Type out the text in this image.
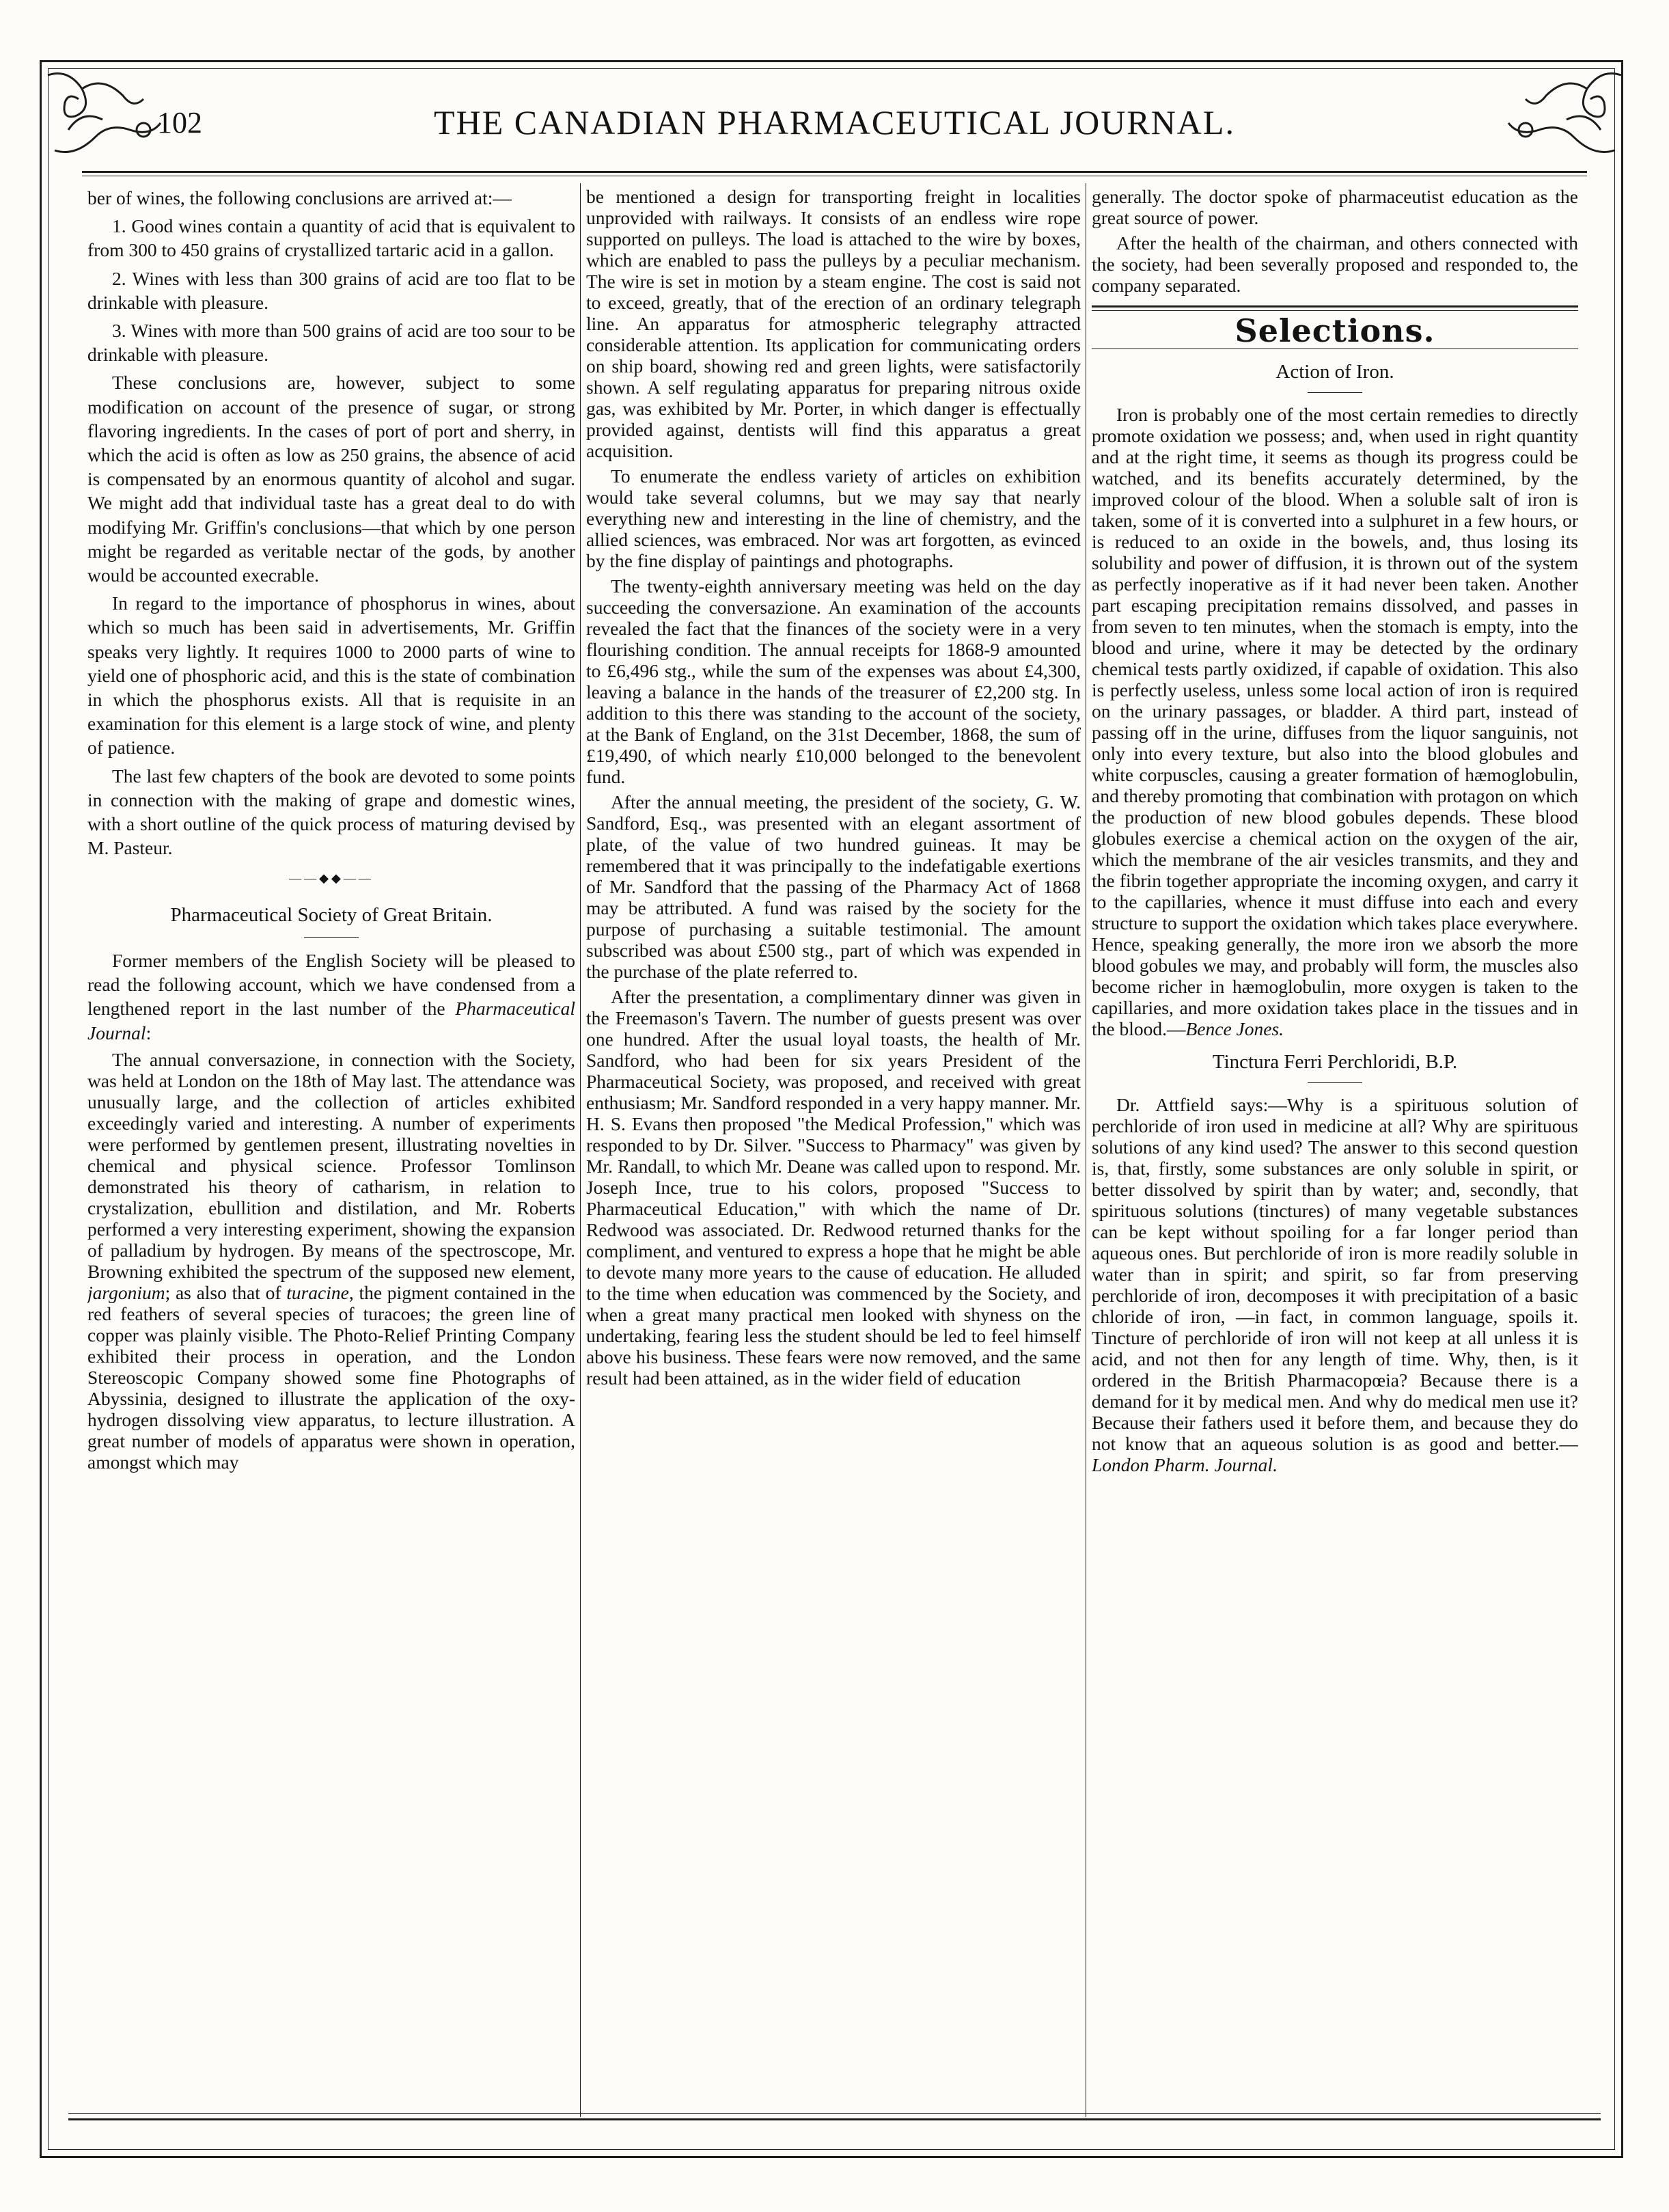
102	THE CANADIAN PHARMACEUTICAL JOURNAL.

ber of wines, the following conclusions are arrived at:—

1. Good wines contain a quantity of acid that is equivalent to from 300 to 450 grains of crystallized tartaric acid in a gallon.

2. Wines with less than 300 grains of acid are too flat to be drinkable with pleasure.

3. Wines with more than 500 grains of acid are too sour to be drinkable with pleasure.

These conclusions are, however, subject to some modification on account of the presence of sugar, or strong flavoring ingredients. In the cases of port of port and sherry, in which the acid is often as low as 250 grains, the absence of acid is compensated by an enormous quantity of alcohol and sugar. We might add that individual taste has a great deal to do with modifying Mr. Griffin's conclusions—that which by one person might be regarded as veritable nectar of the gods, by another would be accounted execrable.

In regard to the importance of phosphorus in wines, about which so much has been said in advertisements, Mr. Griffin speaks very lightly. It requires 1000 to 2000 parts of wine to yield one of phosphoric acid, and this is the state of combination in which the phosphorus exists. All that is requisite in an examination for this element is a large stock of wine, and plenty of patience.

The last few chapters of the book are devoted to some points in connection with the making of grape and domestic wines, with a short outline of the quick process of maturing devised by M. Pasteur.

——◆◆——
Pharmaceutical Society of Great Britain.

Former members of the English Society will be pleased to read the following account, which we have condensed from a lengthened report in the last number of the Pharmaceutical Journal:

The annual conversazione, in connection with the Society, was held at London on the 18th of May last. The attendance was unusually large, and the collection of articles exhibited exceedingly varied and interesting. A number of experiments were performed by gentlemen present, illustrating novelties in chemical and physical science. Professor Tomlinson demonstrated his theory of catharism, in relation to crystalization, ebullition and distilation, and Mr. Roberts performed a very interesting experiment, showing the expansion of palladium by hydrogen. By means of the spectroscope, Mr. Browning exhibited the spectrum of the supposed new element, jargonium; as also that of turacine, the pigment contained in the red feathers of several species of turacoes; the green line of copper was plainly visible. The Photo-Relief Printing Company exhibited their process in operation, and the London Stereoscopic Company showed some fine Photographs of Abyssinia, designed to illustrate the application of the oxy-hydrogen dissolving view apparatus, to lecture illustration. A great number of models of apparatus were shown in operation, amongst which may

be mentioned a design for transporting freight in localities unprovided with railways. It consists of an endless wire rope supported on pulleys. The load is attached to the wire by boxes, which are enabled to pass the pulleys by a peculiar mechanism. The wire is set in motion by a steam engine. The cost is said not to exceed, greatly, that of the erection of an ordinary telegraph line. An apparatus for atmospheric telegraphy attracted considerable attention. Its application for communicating orders on ship board, showing red and green lights, were satisfactorily shown. A self regulating apparatus for preparing nitrous oxide gas, was exhibited by Mr. Porter, in which danger is effectually provided against, dentists will find this apparatus a great acquisition.

To enumerate the endless variety of articles on exhibition would take several columns, but we may say that nearly everything new and interesting in the line of chemistry, and the allied sciences, was embraced. Nor was art forgotten, as evinced by the fine display of paintings and photographs.

The twenty-eighth anniversary meeting was held on the day succeeding the conversazione. An examination of the accounts revealed the fact that the finances of the society were in a very flourishing condition. The annual receipts for 1868-9 amounted to £6,496 stg., while the sum of the expenses was about £4,300, leaving a balance in the hands of the treasurer of £2,200 stg. In addition to this there was standing to the account of the society, at the Bank of England, on the 31st December, 1868, the sum of £19,490, of which nearly £10,000 belonged to the benevolent fund.

After the annual meeting, the president of the society, G. W. Sandford, Esq., was presented with an elegant assortment of plate, of the value of two hundred guineas. It may be remembered that it was principally to the indefatigable exertions of Mr. Sandford that the passing of the Pharmacy Act of 1868 may be attributed. A fund was raised by the society for the purpose of purchasing a suitable testimonial. The amount subscribed was about £500 stg., part of which was expended in the purchase of the plate referred to.

After the presentation, a complimentary dinner was given in the Freemason's Tavern. The number of guests present was over one hundred. After the usual loyal toasts, the health of Mr. Sandford, who had been for six years President of the Pharmaceutical Society, was proposed, and received with great enthusiasm; Mr. Sandford responded in a very happy manner. Mr. H. S. Evans then proposed "the Medical Profession," which was responded to by Dr. Silver. "Success to Pharmacy" was given by Mr. Randall, to which Mr. Deane was called upon to respond. Mr. Joseph Ince, true to his colors, proposed "Success to Pharmaceutical Education," with which the name of Dr. Redwood was associated. Dr. Redwood returned thanks for the compliment, and ventured to express a hope that he might be able to devote many more years to the cause of education. He alluded to the time when education was commenced by the Society, and when a great many practical men looked with shyness on the undertaking, fearing less the student should be led to feel himself above his business. These fears were now removed, and the same result had been attained, as in the wider field of education

generally. The doctor spoke of pharmaceutist education as the great source of power.

After the health of the chairman, and others connected with the society, had been severally proposed and responded to, the company separated.

Selections.
Action of Iron.

Iron is probably one of the most certain remedies to directly promote oxidation we possess; and, when used in right quantity and at the right time, it seems as though its progress could be watched, and its benefits accurately determined, by the improved colour of the blood. When a soluble salt of iron is taken, some of it is converted into a sulphuret in a few hours, or is reduced to an oxide in the bowels, and, thus losing its solubility and power of diffusion, it is thrown out of the system as perfectly inoperative as if it had never been taken. Another part escaping precipitation remains dissolved, and passes in from seven to ten minutes, when the stomach is empty, into the blood and urine, where it may be detected by the ordinary chemical tests partly oxidized, if capable of oxidation. This also is perfectly useless, unless some local action of iron is required on the urinary passages, or bladder. A third part, instead of passing off in the urine, diffuses from the liquor sanguinis, not only into every texture, but also into the blood globules and white corpuscles, causing a greater formation of hæmoglobulin, and thereby promoting that combination with protagon on which the production of new blood gobules depends. These blood globules exercise a chemical action on the oxygen of the air, which the membrane of the air vesicles transmits, and they and the fibrin together appropriate the incoming oxygen, and carry it to the capillaries, whence it must diffuse into each and every structure to support the oxidation which takes place everywhere. Hence, speaking generally, the more iron we absorb the more blood gobules we may, and probably will form, the muscles also become richer in hæmoglobulin, more oxygen is taken to the capillaries, and more oxidation takes place in the tissues and in the blood.—Bence Jones.

Tinctura Ferri Perchloridi, B.P.

Dr. Attfield says:—Why is a spirituous solution of perchloride of iron used in medicine at all? Why are spirituous solutions of any kind used? The answer to this second question is, that, firstly, some substances are only soluble in spirit, or better dissolved by spirit than by water; and, secondly, that spirituous solutions (tinctures) of many vegetable substances can be kept without spoiling for a far longer period than aqueous ones. But perchloride of iron is more readily soluble in water than in spirit; and spirit, so far from preserving perchloride of iron, decomposes it with precipitation of a basic chloride of iron, —in fact, in common language, spoils it. Tincture of perchloride of iron will not keep at all unless it is acid, and not then for any length of time. Why, then, is it ordered in the British Pharmacopœia? Because there is a demand for it by medical men. And why do medical men use it? Because their fathers used it before them, and because they do not know that an aqueous solution is as good and better.—London Pharm. Journal.
